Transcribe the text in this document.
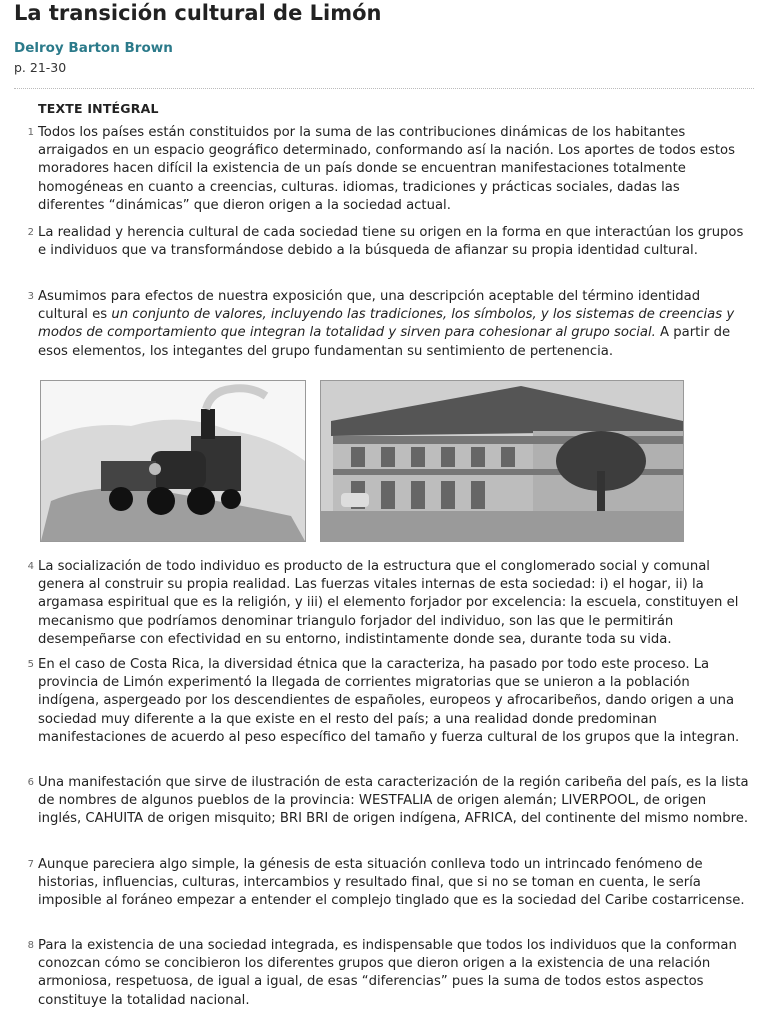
La transición cultural de Limón
Delroy Barton Brown
p. 21-30
TEXTE INTÉGRAL
1 Todos los países están constituidos por la suma de las contribuciones dinámicas de los habitantes arraigados en un espacio geográfico determinado, conformando así la nación. Los aportes de todos estos moradores hacen difícil la existencia de un país donde se encuentran manifestaciones totalmente homogéneas en cuanto a creencias, culturas. idiomas, tradiciones y prácticas sociales, dadas las diferentes “dinámicas” que dieron origen a la sociedad actual.

2 La realidad y herencia cultural de cada sociedad tiene su origen en la forma en que interactúan los grupos e individuos que va transformándose debido a la búsqueda de afianzar su propia identidad cultural.

3 Asumimos para efectos de nuestra exposición que, una descripción aceptable del término identidad cultural es un conjunto de valores, incluyendo las tradiciones, los símbolos, y los sistemas de creencias y modos de comportamiento que integran la totalidad y sirven para cohesionar al grupo social. A partir de esos elementos, los integantes del grupo fundamentan su sentimiento de pertenencia.

4 La socialización de todo individuo es producto de la estructura que el conglomerado social y comunal genera al construir su propia realidad. Las fuerzas vitales internas de esta sociedad: i) el hogar, ii) la argamasa espiritual que es la religión, y iii) el elemento forjador por excelencia: la escuela, constituyen el mecanismo que podríamos denominar triangulo forjador del individuo, son las que le permitirán desempeñarse con efectividad en su entorno, indistintamente donde sea, durante toda su vida.

5 En el caso de Costa Rica, la diversidad étnica que la caracteriza, ha pasado por todo este proceso. La provincia de Limón experimentó la llegada de corrientes migratorias que se unieron a la población indígena, aspergeado por los descendientes de españoles, europeos y afrocaribeños, dando origen a una sociedad muy diferente a la que existe en el resto del país; a una realidad donde predominan manifestaciones de acuerdo al peso específico del tamaño y fuerza cultural de los grupos que la integran.

6 Una manifestación que sirve de ilustración de esta caracterización de la región caribeña del país, es la lista de nombres de algunos pueblos de la provincia: WESTFALIA de origen alemán; LIVERPOOL, de origen inglés, CAHUITA de origen misquito; BRI BRI de origen indígena, AFRICA, del continente del mismo nombre.

7 Aunque pareciera algo simple, la génesis de esta situación conlleva todo un intrincado fenómeno de historias, influencias, culturas, intercambios y resultado final, que si no se toman en cuenta, le sería imposible al foráneo empezar a entender el complejo tinglado que es la sociedad del Caribe costarricense.

8 Para la existencia de una sociedad integrada, es indispensable que todos los individuos que la conforman conozcan cómo se concibieron los diferentes grupos que dieron origen a la existencia de una relación armoniosa, respetuosa, de igual a igual, de esas “diferencias” pues la suma de todos estos aspectos constituye la totalidad nacional.
